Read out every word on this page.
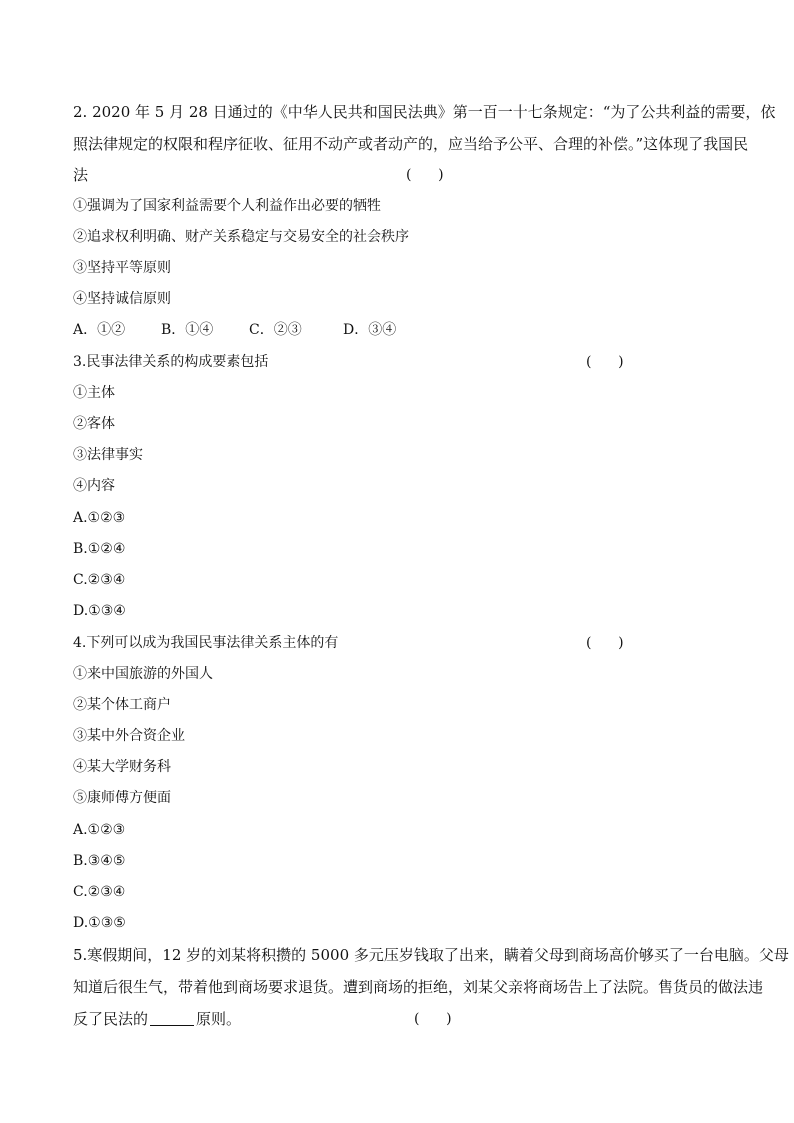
2. 2020 年 5 月 28 日通过的《中华人民共和国民法典》第一百一十七条规定：“为了公共利益的需要，依
照法律规定的权限和程序征收、征用不动产或者动产的，应当给予公平、合理的补偿。”这体现了我国民
法	(      )
①强调为了国家利益需要个人利益作出必要的牺牲
②追求权利明确、财产关系稳定与交易安全的社会秩序
③坚持平等原则
④坚持诚信原则
A．①②	B．①④	C．②③	D．③④
3.民事法律关系的构成要素包括	(      )
①主体
②客体
③法律事实
④内容
A.①②③
B.①②④
C.②③④
D.①③④
4.下列可以成为我国民事法律关系主体的有	(      )
①来中国旅游的外国人
②某个体工商户
③某中外合资企业
④某大学财务科
⑤康师傅方便面
A.①②③
B.③④⑤
C.②③④
D.①③⑤
5.寒假期间，12 岁的刘某将积攒的 5000 多元压岁钱取了出来，瞒着父母到商场高价够买了一台电脑。父母
知道后很生气，带着他到商场要求退货。遭到商场的拒绝，刘某父亲将商场告上了法院。售货员的做法违
反了民法的	原则。	(      )
